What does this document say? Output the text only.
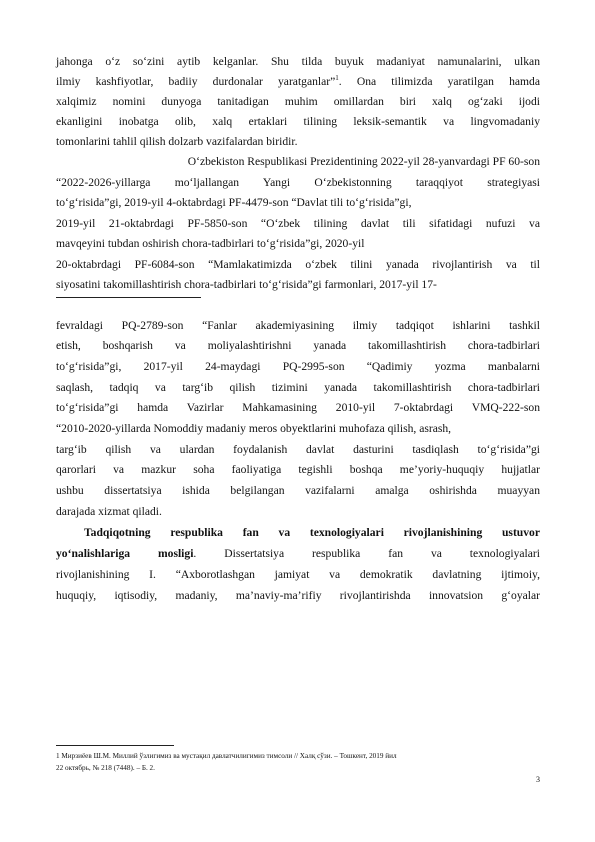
jahonga o‘z so‘zini aytib kelganlar. Shu tilda buyuk madaniyat namunalarini, ulkan
ilmiy kashfiyotlar, badiiy durdonalar yaratganlar”$^1$. Ona tilimizda yaratilgan hamda
xalqimiz nomini dunyoga tanitadigan muhim omillardan biri xalq og‘zaki ijodi
ekanligini inobatga olib, xalq ertaklari tilining leksik-semantik va lingvomadaniy
tomonlarini tahlil qilish dolzarb vazifalardan biridir.
O‘zbekiston Respublikasi Prezidentining 2022-yil 28-yanvardagi PF 60-son
“2022-2026-yillarga mo‘ljallangan Yangi O‘zbekistonning taraqqiyot strategiyasi
to‘g‘risida”gi, 2019-yil 4-oktabrdagi PF-4479-son “Davlat tili to‘g‘risida”gi,
2019-yil 21-oktabrdagi PF-5850-son “O‘zbek tilining davlat tili sifatidagi nufuzi va
mavqeyini tubdan oshirish chora-tadbirlari to‘g‘risida”gi, 2020-yil
20-oktabrdagi PF-6084-son “Mamlakatimizda o‘zbek tilini yanada rivojlantirish va til
siyosatini takomillashtirish chora-tadbirlari to‘g‘risida”gi farmonlari, 2017-yil 17-
fevraldagi PQ-2789-son “Fanlar akademiyasining ilmiy tadqiqot ishlarini tashkil
etish, boshqarish va moliyalashtirishni yanada takomillashtirish chora-tadbirlari
to‘g‘risida”gi, 2017-yil 24-maydagi PQ-2995-son “Qadimiy yozma manbalarni
saqlash, tadqiq va targ‘ib qilish tizimini yanada takomillashtirish chora-tadbirlari
to‘g‘risida”gi hamda Vazirlar Mahkamasining 2010-yil 7-oktabrdagi VMQ-222-son
“2010-2020-yillarda Nomoddiy madaniy meros obyektlarini muhofaza qilish, asrash,
targ‘ib qilish va ulardan foydalanish davlat dasturini tasdiqlash to‘g‘risida”gi
qarorlari va mazkur soha faoliyatiga tegishli boshqa me’yoriy-huquqiy hujjatlar
ushbu dissertatsiya ishida belgilangan vazifalarni amalga oshirishda muayyan
darajada xizmat qiladi.
Tadqiqotning respublika fan va texnologiyalari rivojlanishining ustuvor
yo‘nalishlariga mosligi. Dissertatsiya respublika fan va texnologiyalari
rivojlanishining I. “Axborotlashgan jamiyat va demokratik davlatning ijtimoiy,
huquqiy, iqtisodiy, madaniy, ma’naviy-ma’rifiy rivojlantirishda innovatsion g‘oyalar
1 Мирзиёев Ш.М. Миллий ўзлигимиз ва мустақил давлатчилигимиз тимсоли // Халқ сўзи. – Тошкент, 2019 йил
22 октябрь, № 218 (7448). – Б. 2.
3
